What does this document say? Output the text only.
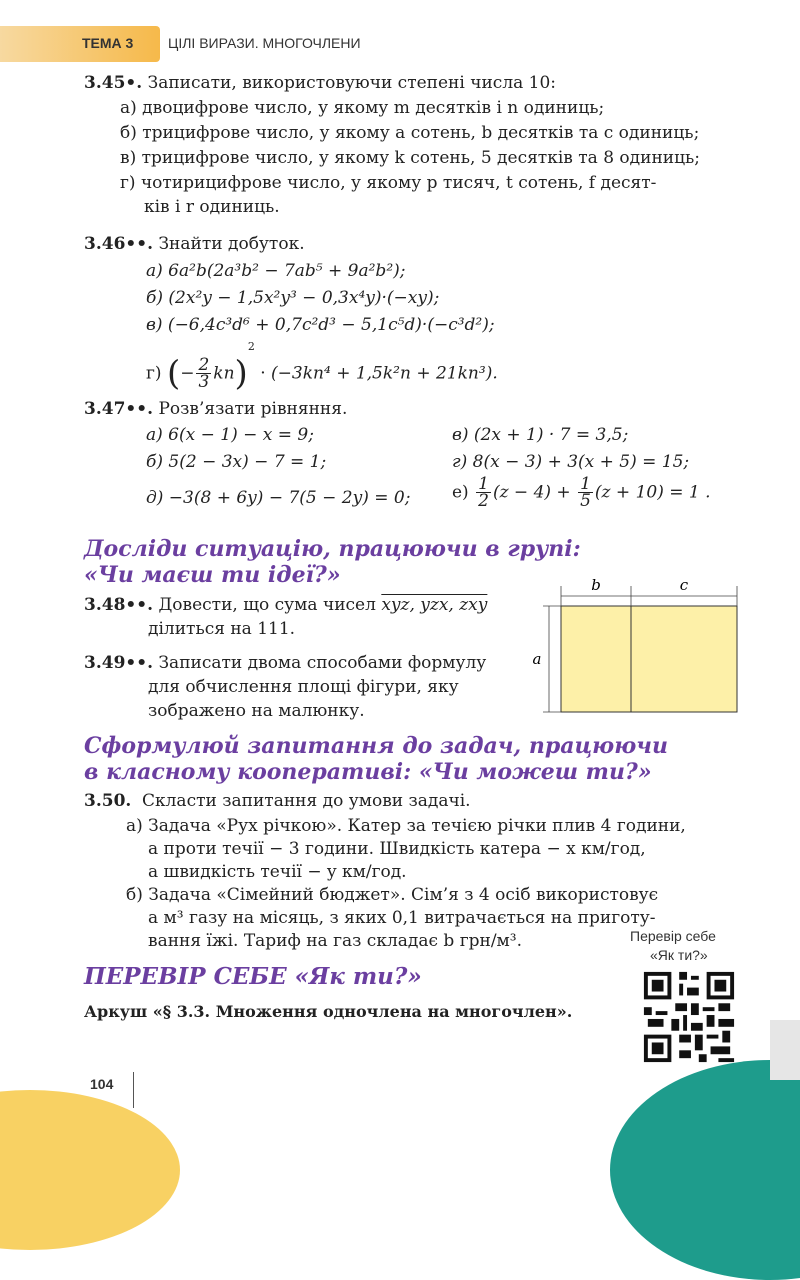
ТЕМА 3 ЦІЛІ ВИРАЗИ. МНОГОЧЛЕНИ
3.45•. Записати, використовуючи степені числа 10:
а) двоцифрове число, у якому m десятків і n одиниць;
б) трицифрове число, у якому a сотень, b десятків та c одиниць;
в) трицифрове число, у якому k сотень, 5 десятків та 8 одиниць;
г) чотирицифрове число, у якому p тисяч, t сотень, f десят-
ків і r одиниць.
3.46••. Знайти добуток.
а) 6a²b(2a³b² − 7ab⁵ + 9a²b²);
б) (2x²y − 1,5x²y³ − 0,3x⁴y)·(−xy);
в) (−6,4c³d⁶ + 0,7c²d³ − 5,1c⁵d)·(−c³d²);
г) (− $\frac{2}{3} kn)^2 \cdot (-3kn^4 + 1,5k^2n + 21kn^3)$.
3.47••. Розв’язати рівняння.
а) 6(x − 1) − x = 9;
б) 5(2 − 3x) − 7 = 1;
д) −3(8 + 6y) − 7(5 − 2y) = 0;
в) (2x + 1) · 7 = 3,5;
г) 8(x − 3) + 3(x + 5) = 15;
$е) \frac{1}{2} (z - 4) + \frac{1}{5} (z + 10) = 1$ .
Досліди ситуацію, працюючи в групі:
«Чи маєш ти ідеї?»
3.48••. Довести, що сума чисел xyz, yzx, zxy
ділиться на 111.
3.49••. Записати двома способами формулу
для обчислення площі фігури, яку
зображено на малюнку.
b	c
a
Сформулюй запитання до задач, працюючи
в класному кооперативі: «Чи можеш ти?»
3.50. Скласти запитання до умови задачі.
а) Задача «Рух річкою». Катер за течією річки плив 4 години,
а проти течії − 3 години. Швидкість катера − x км/год,
а швидкість течії − y км/год.
б) Задача «Сімейний бюджет». Сім’я з 4 осіб використовує
a м³ газу на місяць, з яких 0,1 витрачається на приготу-
вання їжі. Тариф на газ складає b грн/м³.	Перевір себе
«Як ти?»
ПЕРЕВІР СЕБЕ «Як ти?»
Аркуш «§ 3.3. Множення одночлена на многочлен».
104
